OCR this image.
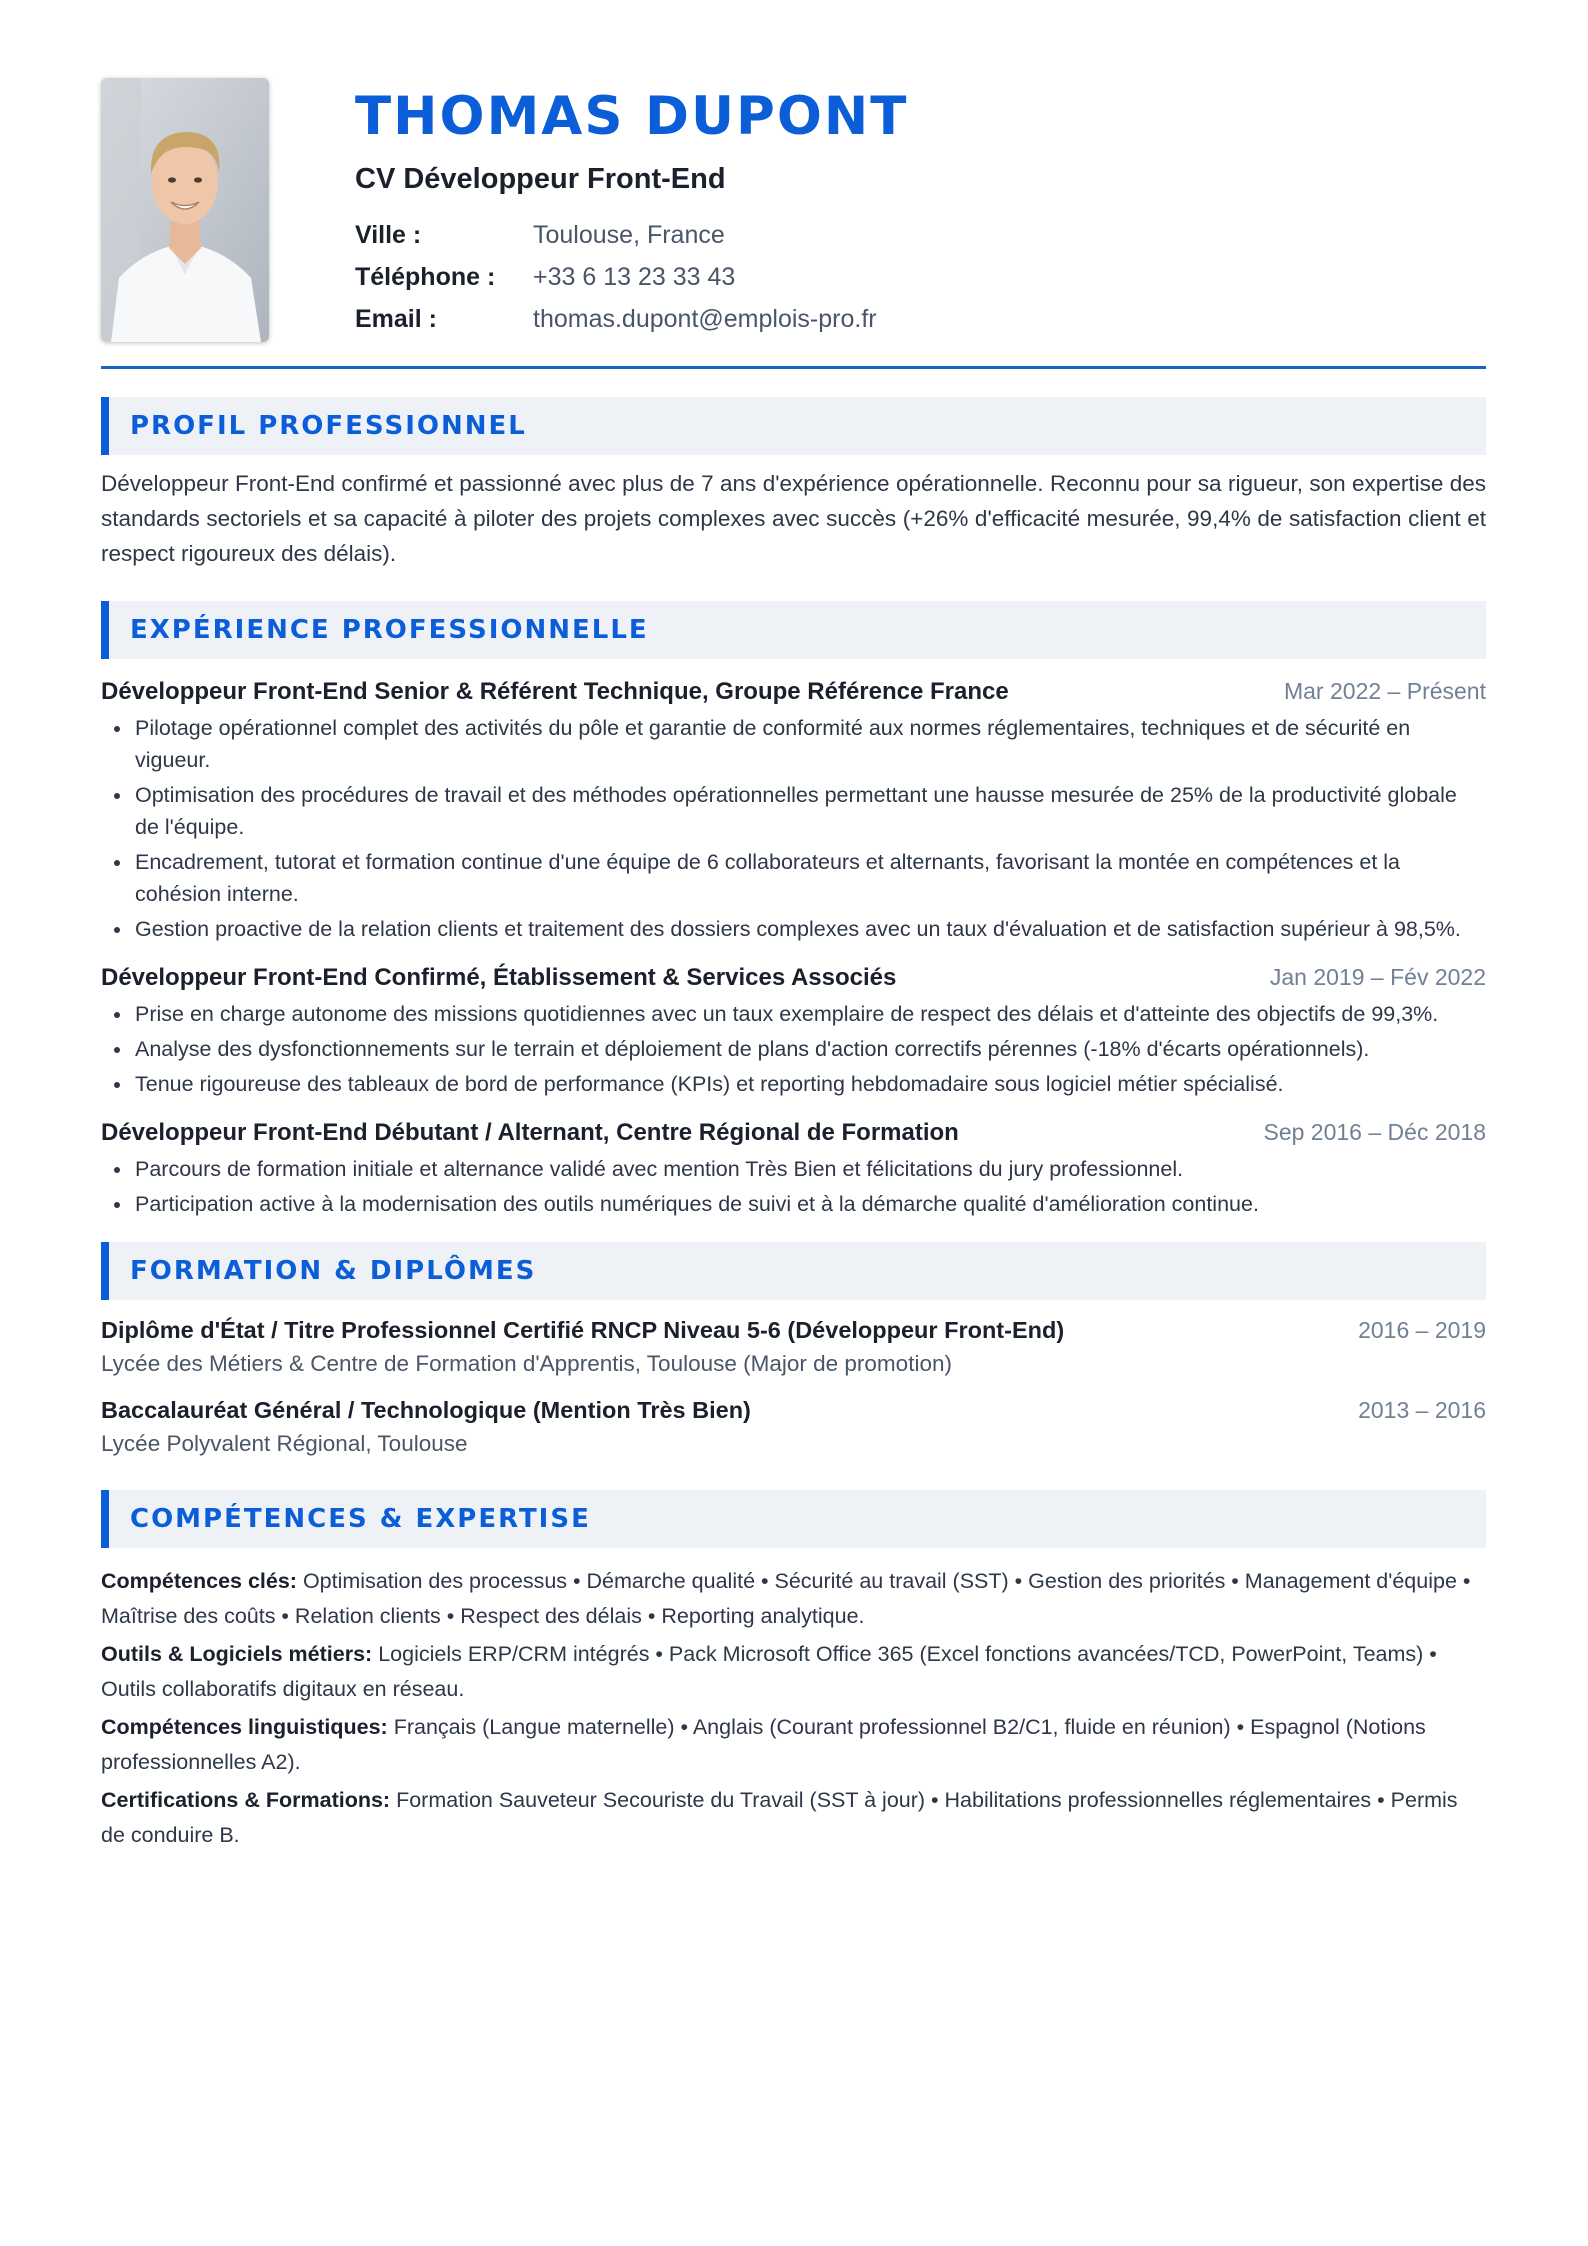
THOMAS DUPONT
CV Développeur Front-End
Ville :	Toulouse, France
Téléphone :	+33 6 13 23 33 43
Email :	thomas.dupont@emplois-pro.fr
PROFIL PROFESSIONNEL

Développeur Front-End confirmé et passionné avec plus de 7 ans d'expérience opérationnelle. Reconnu pour sa rigueur, son expertise des standards sectoriels et sa capacité à piloter des projets complexes avec succès (+26% d'efficacité mesurée, 99,4% de satisfaction client et respect rigoureux des délais).

EXPÉRIENCE PROFESSIONNELLE
Développeur Front-End Senior & Référent Technique, Groupe Référence France	Mar 2022 – Présent
Pilotage opérationnel complet des activités du pôle et garantie de conformité aux normes réglementaires, techniques et de sécurité en vigueur.
Optimisation des procédures de travail et des méthodes opérationnelles permettant une hausse mesurée de 25% de la productivité globale de l'équipe.
Encadrement, tutorat et formation continue d'une équipe de 6 collaborateurs et alternants, favorisant la montée en compétences et la cohésion interne.
Gestion proactive de la relation clients et traitement des dossiers complexes avec un taux d'évaluation et de satisfaction supérieur à 98,5%.
Développeur Front-End Confirmé, Établissement & Services Associés	Jan 2019 – Fév 2022
Prise en charge autonome des missions quotidiennes avec un taux exemplaire de respect des délais et d'atteinte des objectifs de 99,3%.
Analyse des dysfonctionnements sur le terrain et déploiement de plans d'action correctifs pérennes (-18% d'écarts opérationnels).
Tenue rigoureuse des tableaux de bord de performance (KPIs) et reporting hebdomadaire sous logiciel métier spécialisé.
Développeur Front-End Débutant / Alternant, Centre Régional de Formation	Sep 2016 – Déc 2018
Parcours de formation initiale et alternance validé avec mention Très Bien et félicitations du jury professionnel.
Participation active à la modernisation des outils numériques de suivi et à la démarche qualité d'amélioration continue.
FORMATION & DIPLÔMES
Diplôme d'État / Titre Professionnel Certifié RNCP Niveau 5-6 (Développeur Front-End)	2016 – 2019
Lycée des Métiers & Centre de Formation d'Apprentis, Toulouse (Major de promotion)
Baccalauréat Général / Technologique (Mention Très Bien)	2013 – 2016
Lycée Polyvalent Régional, Toulouse
COMPÉTENCES & EXPERTISE

Compétences clés: Optimisation des processus • Démarche qualité • Sécurité au travail (SST) • Gestion des priorités • Management d'équipe • Maîtrise des coûts • Relation clients • Respect des délais • Reporting analytique.

Outils & Logiciels métiers: Logiciels ERP/CRM intégrés • Pack Microsoft Office 365 (Excel fonctions avancées/TCD, PowerPoint, Teams) • Outils collaboratifs digitaux en réseau.

Compétences linguistiques: Français (Langue maternelle) • Anglais (Courant professionnel B2/C1, fluide en réunion) • Espagnol (Notions professionnelles A2).

Certifications & Formations: Formation Sauveteur Secouriste du Travail (SST à jour) • Habilitations professionnelles réglementaires • Permis de conduire B.
